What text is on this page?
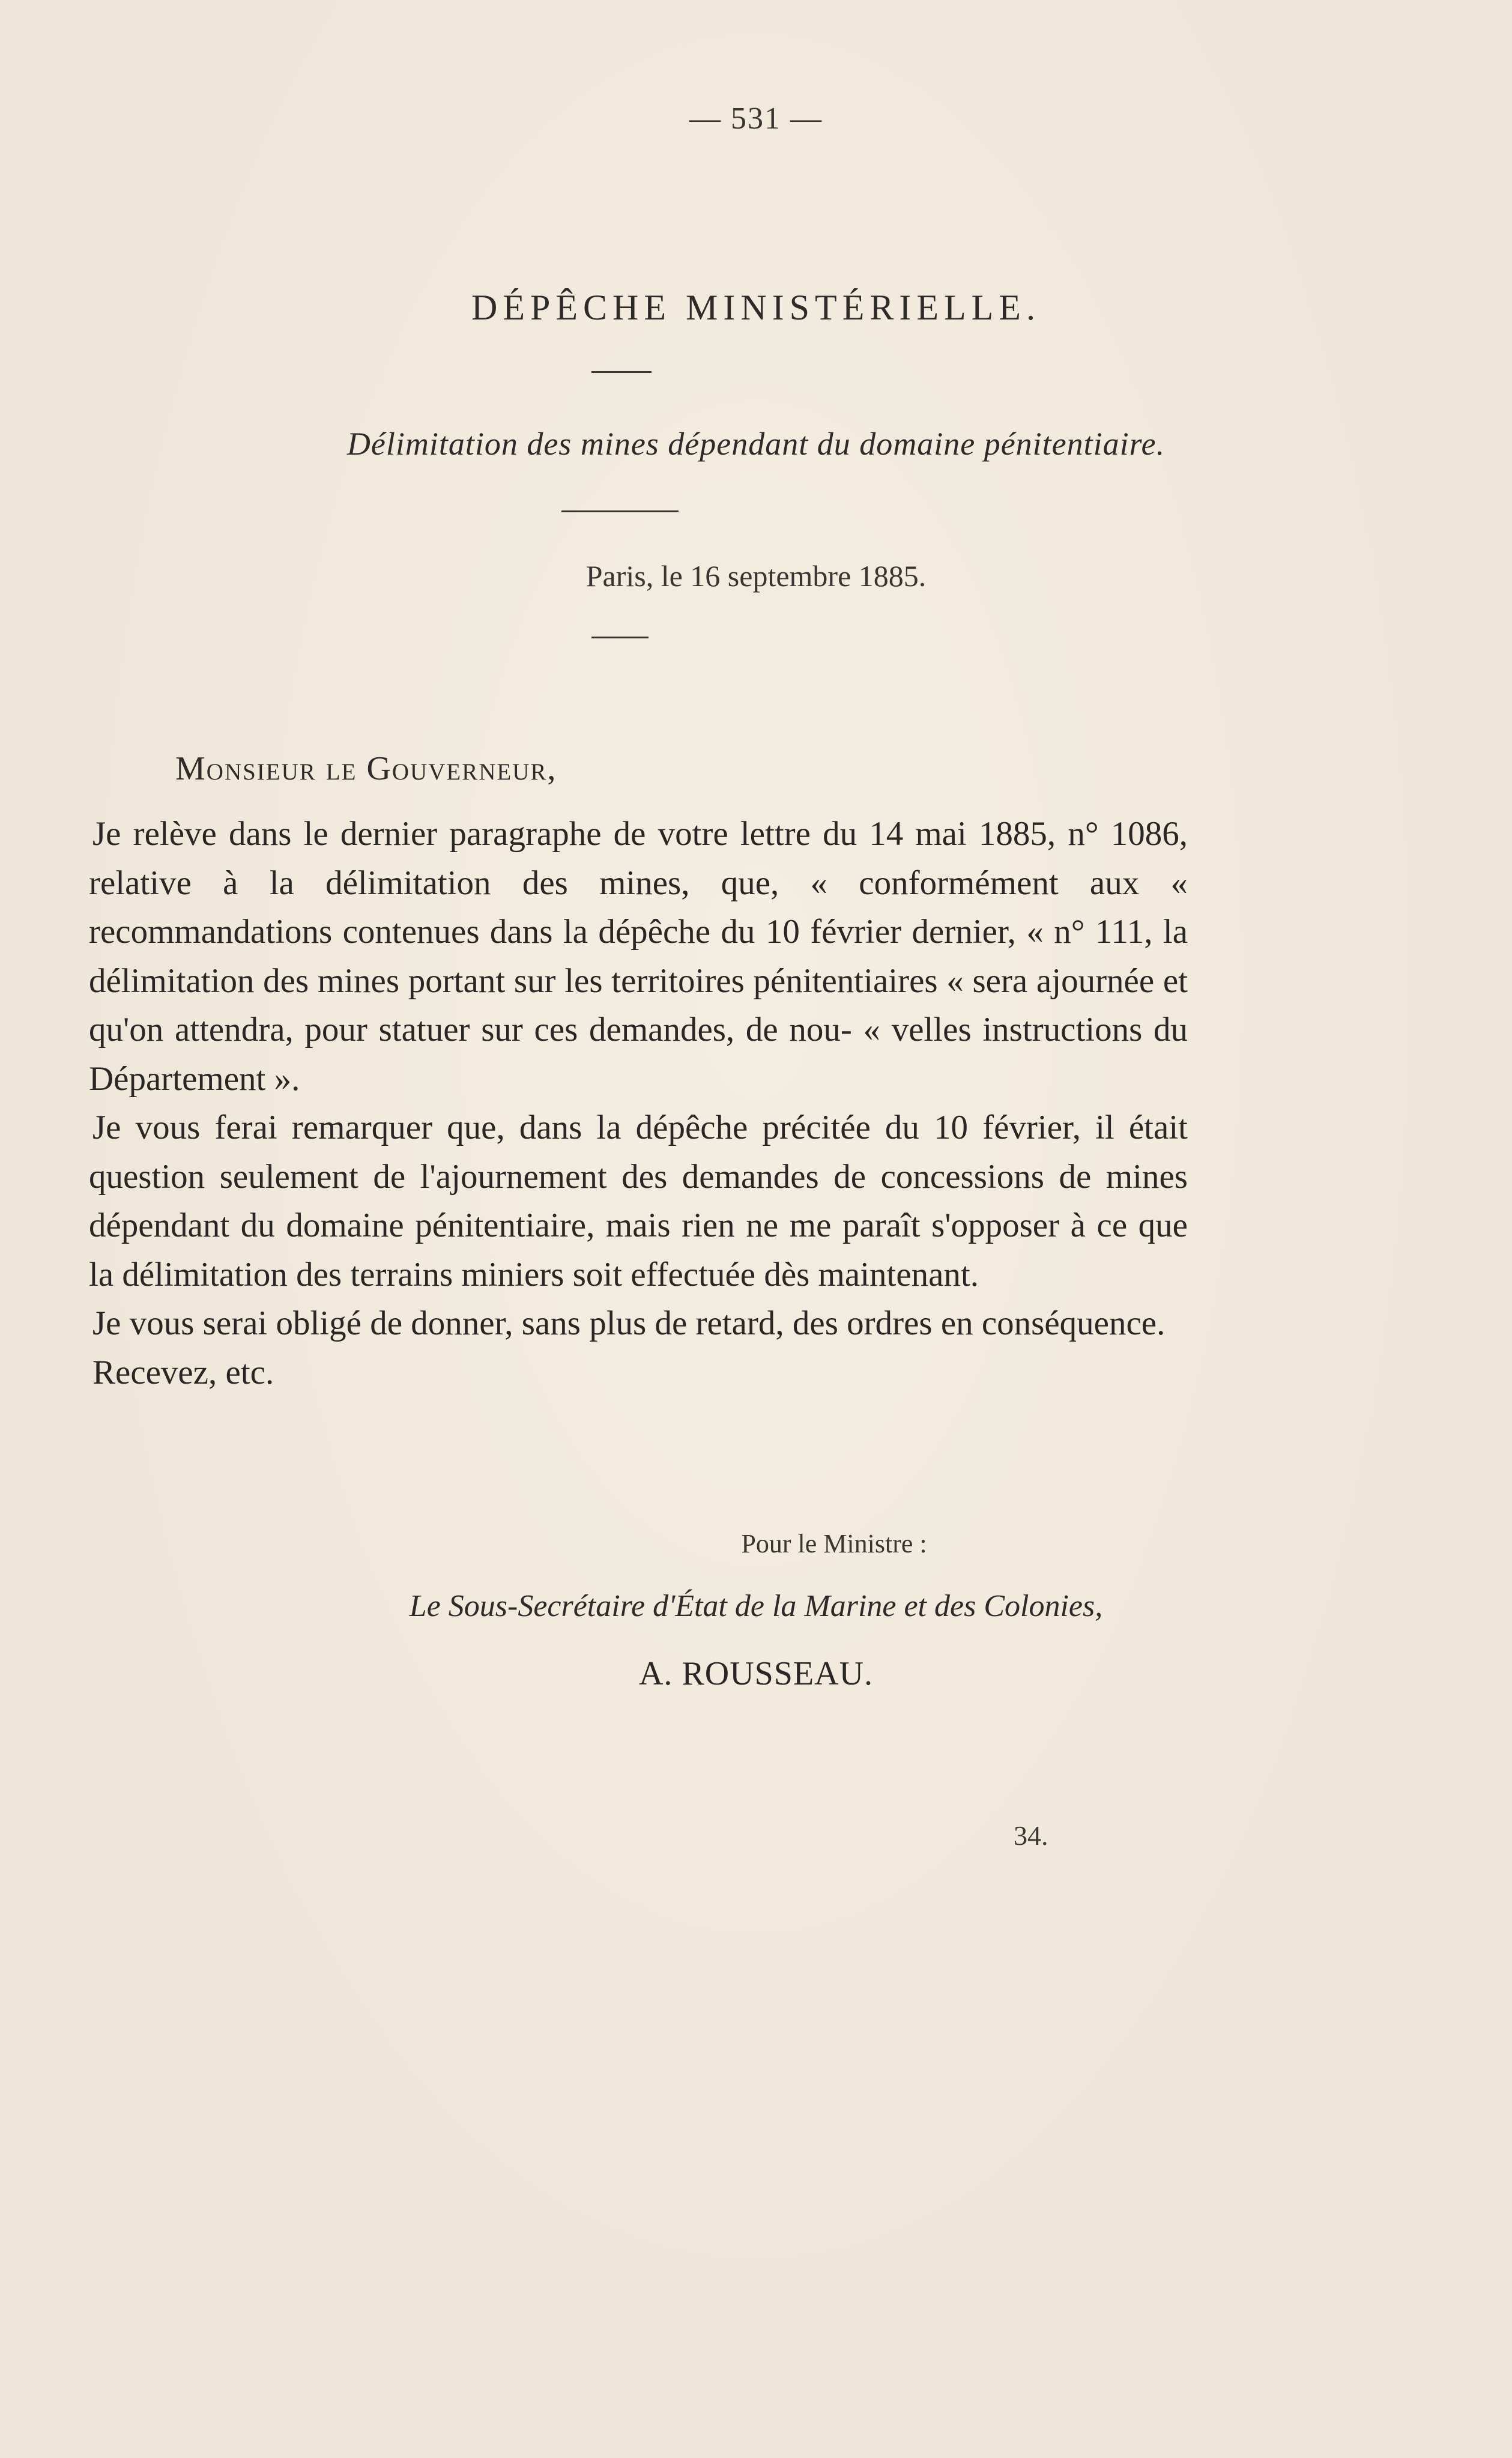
— 531 —
DÉPÊCHE MINISTÉRIELLE.
Délimitation des mines dépendant du domaine pénitentiaire.
Paris, le 16 septembre 1885.
Monsieur le Gouverneur,

Je relève dans le dernier paragraphe de votre lettre du 14 mai 1885, n° 1086, relative à la délimitation des mines, que, « conformément aux « recommandations contenues dans la dépêche du 10 février dernier, « n° 111, la délimitation des mines portant sur les territoires pénitentiaires « sera ajournée et qu'on attendra, pour statuer sur ces demandes, de nou- « velles instructions du Département ».

Je vous ferai remarquer que, dans la dépêche précitée du 10 février, il était question seulement de l'ajournement des demandes de concessions de mines dépendant du domaine pénitentiaire, mais rien ne me paraît s'opposer à ce que la délimitation des terrains miniers soit effectuée dès maintenant.

Je vous serai obligé de donner, sans plus de retard, des ordres en conséquence.

Recevez, etc.

Pour le Ministre :
Le Sous-Secrétaire d'État de la Marine et des Colonies,
A. ROUSSEAU.
34.
